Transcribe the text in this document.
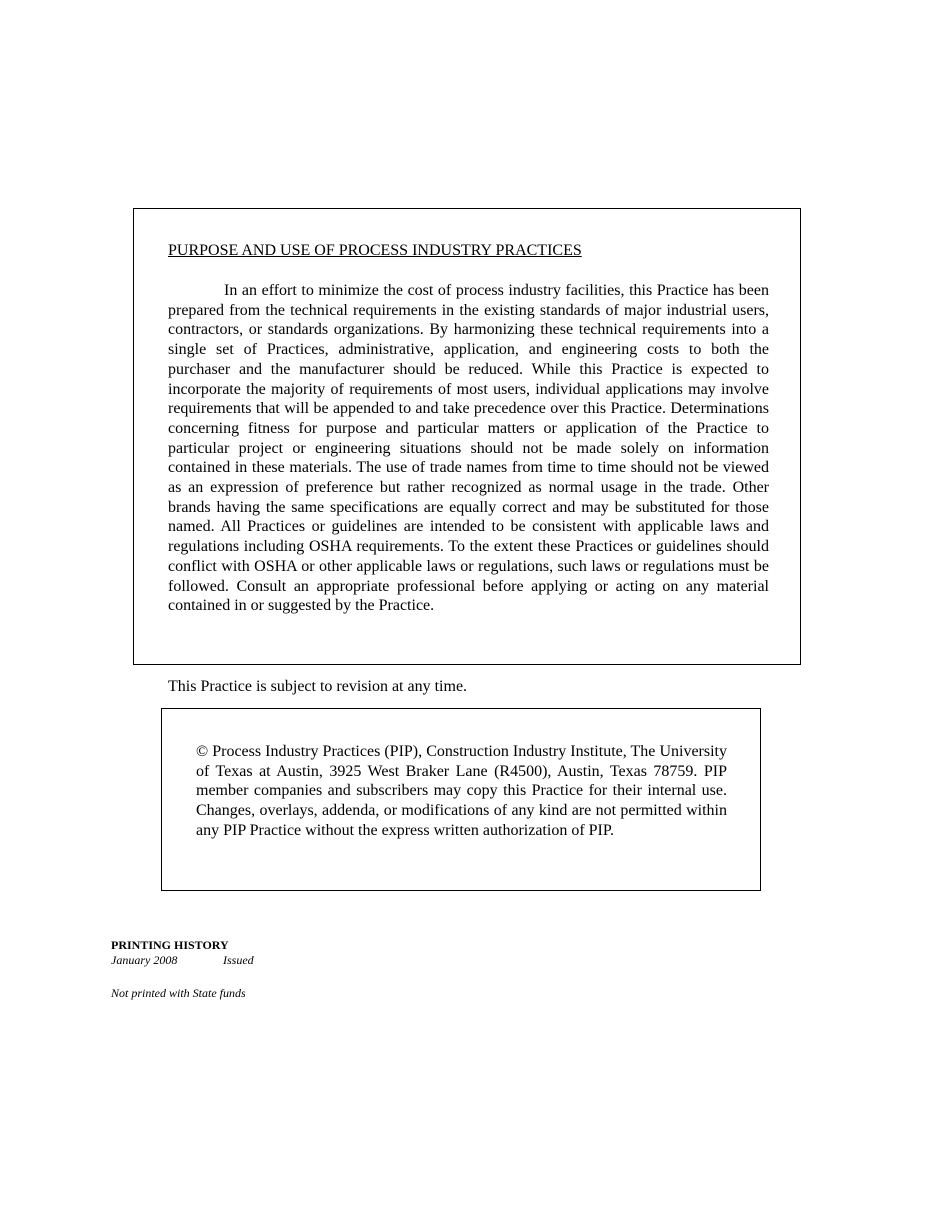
PURPOSE AND USE OF PROCESS INDUSTRY PRACTICES

In an effort to minimize the cost of process industry facilities, this Practice has been prepared from the technical requirements in the existing standards of major industrial users, contractors, or standards organizations. By harmonizing these technical requirements into a single set of Practices, administrative, application, and engineering costs to both the purchaser and the manufacturer should be reduced. While this Practice is expected to incorporate the majority of requirements of most users, individual applications may involve requirements that will be appended to and take precedence over this Practice. Determinations concerning fitness for purpose and particular matters or application of the Practice to particular project or engineering situations should not be made solely on information contained in these materials. The use of trade names from time to time should not be viewed as an expression of preference but rather recognized as normal usage in the trade. Other brands having the same specifications are equally correct and may be substituted for those named. All Practices or guidelines are intended to be consistent with applicable laws and regulations including OSHA requirements. To the extent these Practices or guidelines should conflict with OSHA or other applicable laws or regulations, such laws or regulations must be followed. Consult an appropriate professional before applying or acting on any material contained in or suggested by the Practice.

This Practice is subject to revision at any time.

© Process Industry Practices (PIP), Construction Industry Institute, The University of Texas at Austin, 3925 West Braker Lane (R4500), Austin, Texas 78759. PIP member companies and subscribers may copy this Practice for their internal use. Changes, overlays, addenda, or modifications of any kind are not permitted within any PIP Practice without the express written authorization of PIP.

PRINTING HISTORY

January 2008	Issued

Not printed with State funds
